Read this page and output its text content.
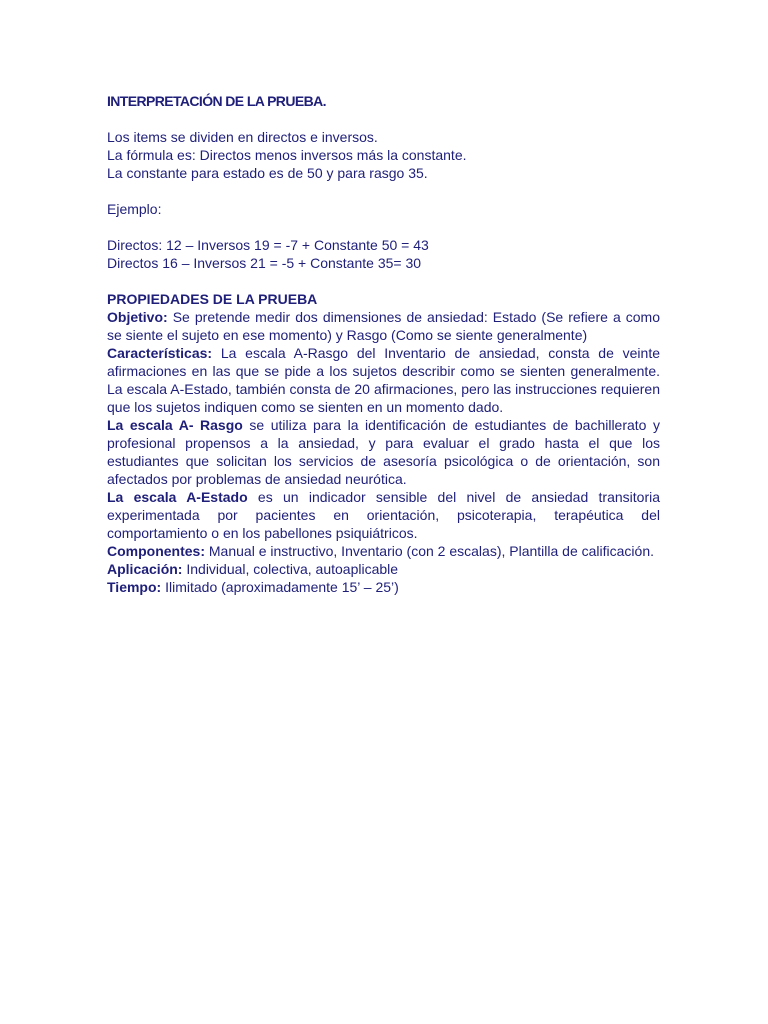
INTERPRETACIÓN DE LA PRUEBA.

Los items se dividen en directos e inversos.
La fórmula es: Directos menos inversos más la constante.
La constante para estado es de 50 y para rasgo 35.

Ejemplo:

Directos: 12 – Inversos 19 = -7 + Constante 50 = 43
Directos 16 – Inversos 21 = -5 + Constante 35= 30

PROPIEDADES DE LA PRUEBA

Objetivo: Se pretende medir dos dimensiones de ansiedad: Estado (Se refiere a como se siente el sujeto en ese momento) y Rasgo (Como se siente generalmente)

Características: La escala A-Rasgo del Inventario de ansiedad, consta de veinte afirmaciones en las que se pide a los sujetos describir como se sienten generalmente. La escala A-Estado, también consta de 20 afirmaciones, pero las instrucciones requieren que los sujetos indiquen como se sienten en un momento dado.

La escala A- Rasgo se utiliza para la identificación de estudiantes de bachillerato y profesional propensos a la ansiedad, y para evaluar el grado hasta el que los estudiantes que solicitan los servicios de asesoría psicológica o de orientación, son afectados por problemas de ansiedad neurótica.

La escala A-Estado es un indicador sensible del nivel de ansiedad transitoria experimentada por pacientes en orientación, psicoterapia, terapéutica del comportamiento o en los pabellones psiquiátricos.

Componentes: Manual e instructivo, Inventario (con 2 escalas), Plantilla de calificación.

Aplicación: Individual, colectiva, autoaplicable

Tiempo: Ilimitado (aproximadamente 15’ – 25’)
